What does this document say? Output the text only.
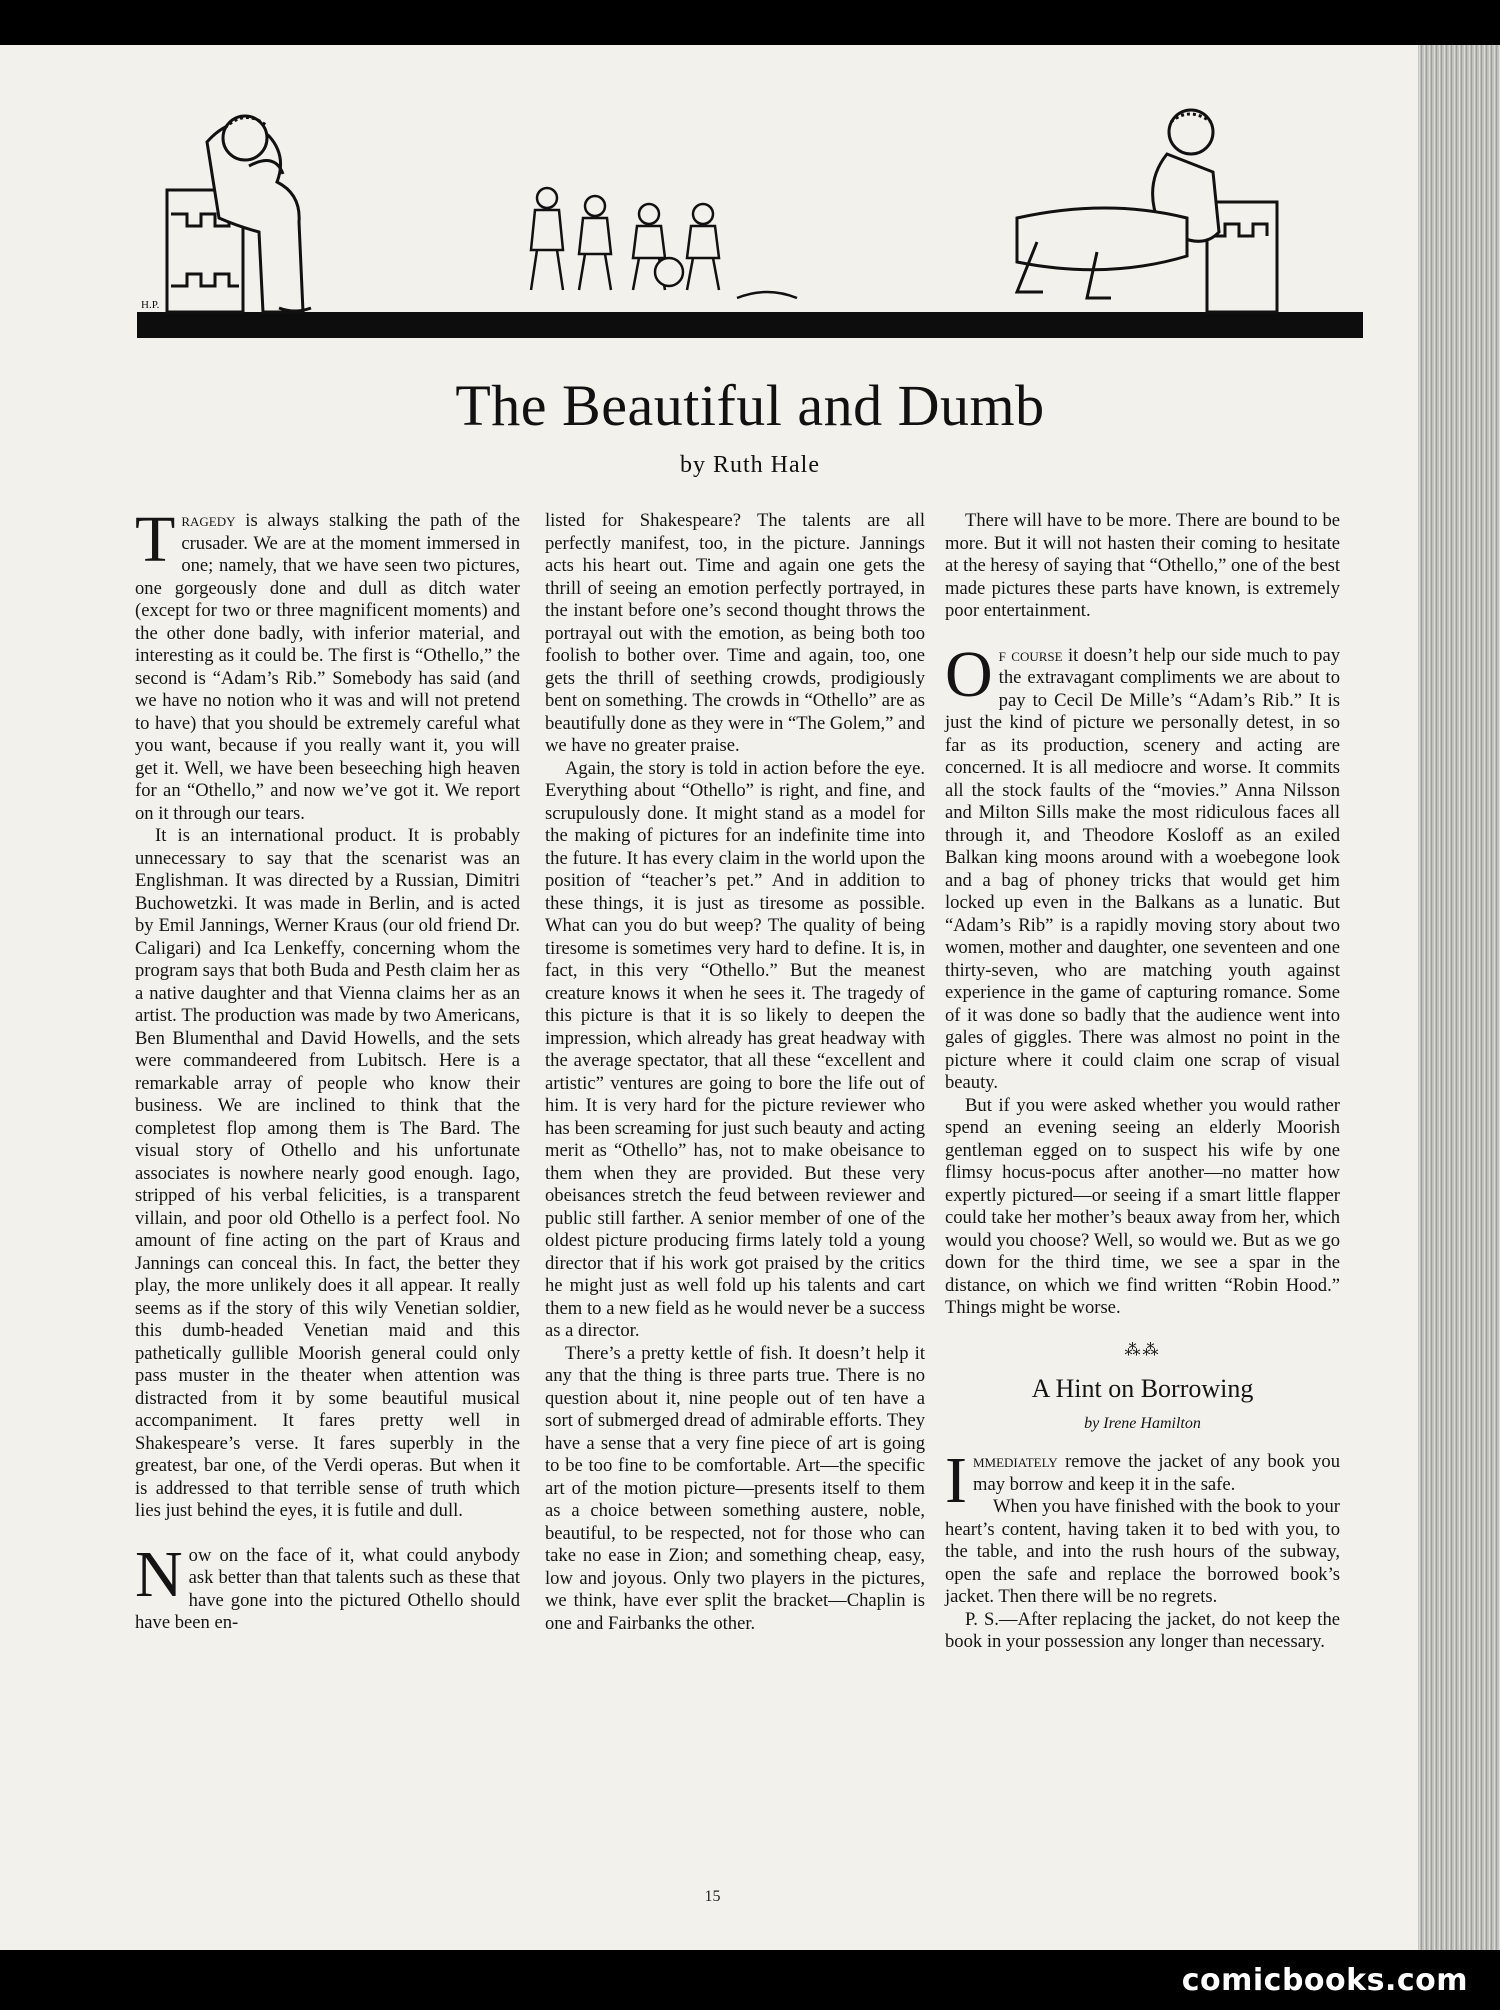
H.P.
The Beautiful and Dumb
by Ruth Hale

Tragedy is always stalking the path of the crusader. We are at the moment immersed in one; namely, that we have seen two pictures, one gorgeously done and dull as ditch water (except for two or three magnificent moments) and the other done badly, with inferior material, and interesting as it could be. The first is “Othello,” the second is “Adam’s Rib.” Somebody has said (and we have no notion who it was and will not pretend to have) that you should be extremely careful what you want, because if you really want it, you will get it. Well, we have been beseeching high heaven for an “Othello,” and now we’ve got it. We report on it through our tears.

It is an international product. It is probably unnecessary to say that the scenarist was an Englishman. It was directed by a Russian, Dimitri Buchowetzki. It was made in Berlin, and is acted by Emil Jannings, Werner Kraus (our old friend Dr. Caligari) and Ica Lenkeffy, concerning whom the program says that both Buda and Pesth claim her as a native daughter and that Vienna claims her as an artist. The production was made by two Americans, Ben Blumenthal and David Howells, and the sets were commandeered from Lubitsch. Here is a remarkable array of people who know their business. We are inclined to think that the completest flop among them is The Bard. The visual story of Othello and his unfortunate associates is nowhere nearly good enough. Iago, stripped of his verbal felicities, is a transparent villain, and poor old Othello is a perfect fool. No amount of fine acting on the part of Kraus and Jannings can conceal this. In fact, the better they play, the more unlikely does it all appear. It really seems as if the story of this wily Venetian soldier, this dumb-headed Venetian maid and this pathetically gullible Moorish general could only pass muster in the theater when attention was distracted from it by some beautiful musical accompaniment. It fares pretty well in Shakespeare’s verse. It fares superbly in the greatest, bar one, of the Verdi operas. But when it is addressed to that terrible sense of truth which lies just behind the eyes, it is futile and dull.

Now on the face of it, what could anybody ask better than that talents such as these that have gone into the pictured Othello should have been en-

listed for Shakespeare? The talents are all perfectly manifest, too, in the picture. Jannings acts his heart out. Time and again one gets the thrill of seeing an emotion perfectly portrayed, in the instant before one’s second thought throws the portrayal out with the emotion, as being both too foolish to bother over. Time and again, too, one gets the thrill of seething crowds, prodigiously bent on something. The crowds in “Othello” are as beautifully done as they were in “The Golem,” and we have no greater praise.

Again, the story is told in action before the eye. Everything about “Othello” is right, and fine, and scrupulously done. It might stand as a model for the making of pictures for an indefinite time into the future. It has every claim in the world upon the position of “teacher’s pet.” And in addition to these things, it is just as tiresome as possible. What can you do but weep? The quality of being tiresome is sometimes very hard to define. It is, in fact, in this very “Othello.” But the meanest creature knows it when he sees it. The tragedy of this picture is that it is so likely to deepen the impression, which already has great headway with the average spectator, that all these “excellent and artistic” ventures are going to bore the life out of him. It is very hard for the picture reviewer who has been screaming for just such beauty and acting merit as “Othello” has, not to make obeisance to them when they are provided. But these very obeisances stretch the feud between reviewer and public still farther. A senior member of one of the oldest picture producing firms lately told a young director that if his work got praised by the critics he might just as well fold up his talents and cart them to a new field as he would never be a success as a director.

There’s a pretty kettle of fish. It doesn’t help it any that the thing is three parts true. There is no question about it, nine people out of ten have a sort of submerged dread of admirable efforts. They have a sense that a very fine piece of art is going to be too fine to be comfortable. Art—the specific art of the motion picture—presents itself to them as a choice between something austere, noble, beautiful, to be respected, not for those who can take no ease in Zion; and something cheap, easy, low and joyous. Only two players in the pictures, we think, have ever split the bracket—Chaplin is one and Fairbanks the other.

There will have to be more. There are bound to be more. But it will not hasten their coming to hesitate at the heresy of saying that “Othello,” one of the best made pictures these parts have known, is extremely poor entertainment.

Of course it doesn’t help our side much to pay the extravagant compliments we are about to pay to Cecil De Mille’s “Adam’s Rib.” It is just the kind of picture we personally detest, in so far as its production, scenery and acting are concerned. It is all mediocre and worse. It commits all the stock faults of the “movies.” Anna Nilsson and Milton Sills make the most ridiculous faces all through it, and Theodore Kosloff as an exiled Balkan king moons around with a woebegone look and a bag of phoney tricks that would get him locked up even in the Balkans as a lunatic. But “Adam’s Rib” is a rapidly moving story about two women, mother and daughter, one seventeen and one thirty-seven, who are matching youth against experience in the game of capturing romance. Some of it was done so badly that the audience went into gales of giggles. There was almost no point in the picture where it could claim one scrap of visual beauty.

But if you were asked whether you would rather spend an evening seeing an elderly Moorish gentleman egged on to suspect his wife by one flimsy hocus-pocus after another—no matter how expertly pictured—or seeing if a smart little flapper could take her mother’s beaux away from her, which would you choose? Well, so would we. But as we go down for the third time, we see a spar in the distance, on which we find written “Robin Hood.” Things might be worse.

⁂⁂
A Hint on Borrowing
by Irene Hamilton

Immediately remove the jacket of any book you may borrow and keep it in the safe.

When you have finished with the book to your heart’s content, having taken it to bed with you, to the table, and into the rush hours of the subway, open the safe and replace the borrowed book’s jacket. Then there will be no regrets.

P. S.—After replacing the jacket, do not keep the book in your possession any longer than necessary.

15
comicbooks.com
